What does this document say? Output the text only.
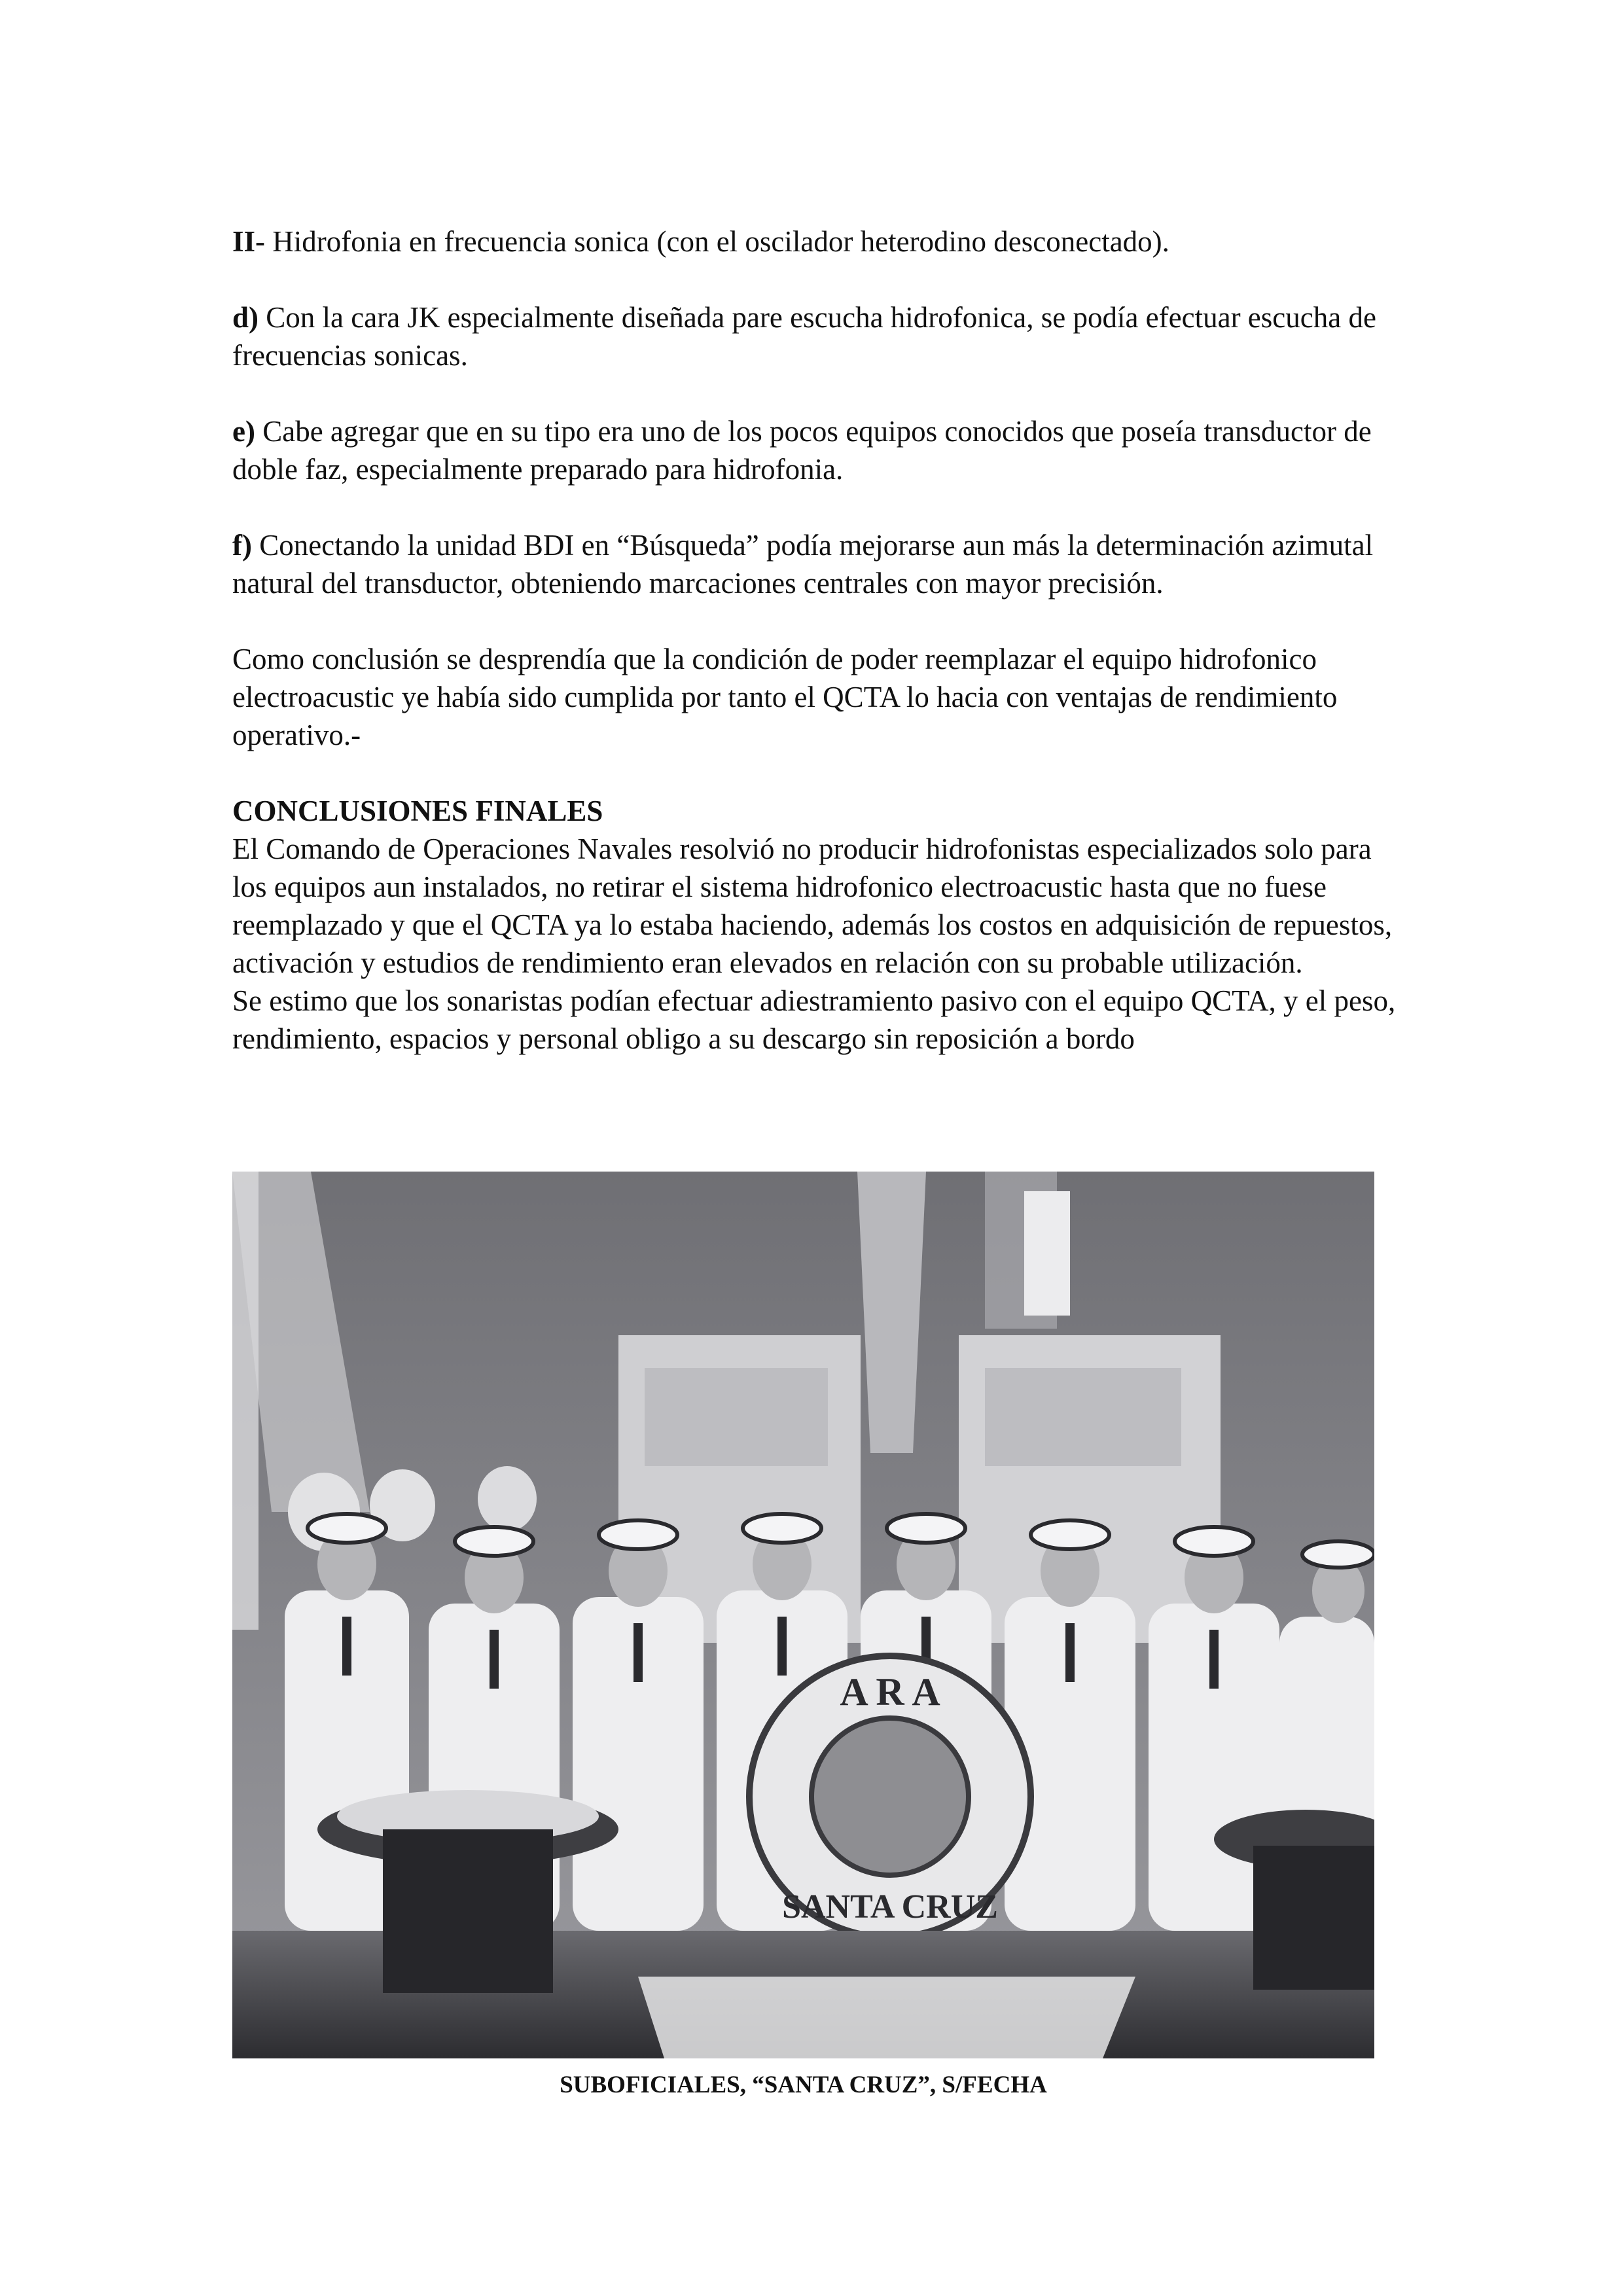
II- Hidrofonia en frecuencia sonica (con el oscilador heterodino desconectado).

d) Con la cara JK especialmente diseñada pare escucha hidrofonica, se podía efectuar escucha de frecuencias sonicas.

e) Cabe agregar que en su tipo era uno de los pocos equipos conocidos que poseía transductor de doble faz, especialmente preparado para hidrofonia.

f) Conectando la unidad BDI en “Búsqueda” podía mejorarse aun más la determinación azimutal natural del transductor, obteniendo marcaciones centrales con mayor precisión.

Como conclusión se desprendía que la condición de poder reemplazar el equipo hidrofonico electroacustic ye había sido cumplida por tanto el QCTA lo hacia con ventajas de rendimiento operativo.-

CONCLUSIONES FINALES

El Comando de Operaciones Navales resolvió no producir hidrofonistas especializados solo para los equipos aun instalados, no retirar el sistema hidrofonico electroacustic hasta que no fuese reemplazado y que el QCTA ya lo estaba haciendo, además los costos en adquisición de repuestos, activación y estudios de rendimiento eran elevados en relación con su probable utilización.

Se estimo que los sonaristas podían efectuar adiestramiento pasivo con el equipo QCTA, y el peso, rendimiento, espacios y personal obligo a su descargo sin reposición a bordo

A R A
SANTA CRUZ
SUBOFICIALES, “SANTA CRUZ”, S/FECHA
